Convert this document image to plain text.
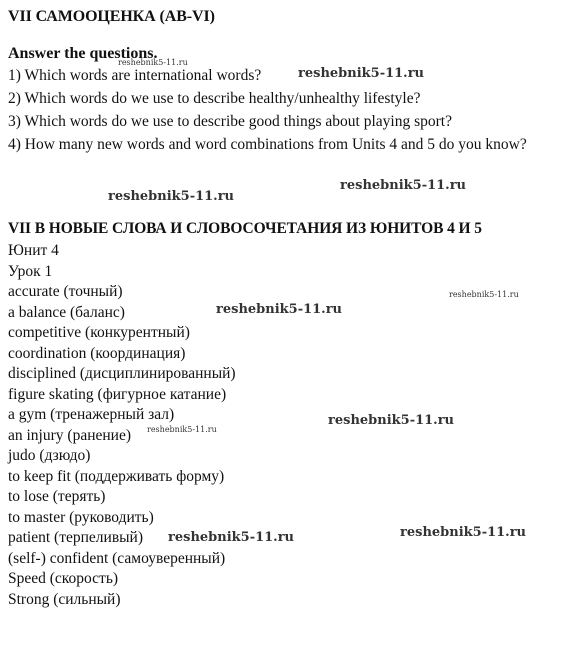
VII САМООЦЕНКА (AB-VI)
Answer the questions.
1) Which words are international words?
2) Which words do we use to describe healthy/unhealthy lifestyle?
3) Which words do we use to describe good things about playing sport?
4) How many new words and word combinations from Units 4 and 5 do you know?
VII В НОВЫЕ СЛОВА И СЛОВОСОЧЕТАНИЯ ИЗ ЮНИТОВ 4 И 5
Юнит 4
Урок 1
accurate (точный)
a balance (баланс)
competitive (конкурентный)
coordination (координация)
disciplined (дисциплинированный)
figure skating (фигурное катание)
a gym (тренажерный зал)
an injury (ранение)
judo (дзюдо)
to keep fit (поддерживать форму)
to lose (терять)
to master (руководить)
patient (терпеливый)
(self-) confident (самоуверенный)
Speed (скорость)
Strong (сильный)
reshebnik5-11.ru
reshebnik5-11.ru
reshebnik5-11.ru
reshebnik5-11.ru
reshebnik5-11.ru
reshebnik5-11.ru
reshebnik5-11.ru
reshebnik5-11.ru
reshebnik5-11.ru	reshebnik5-11.ru
